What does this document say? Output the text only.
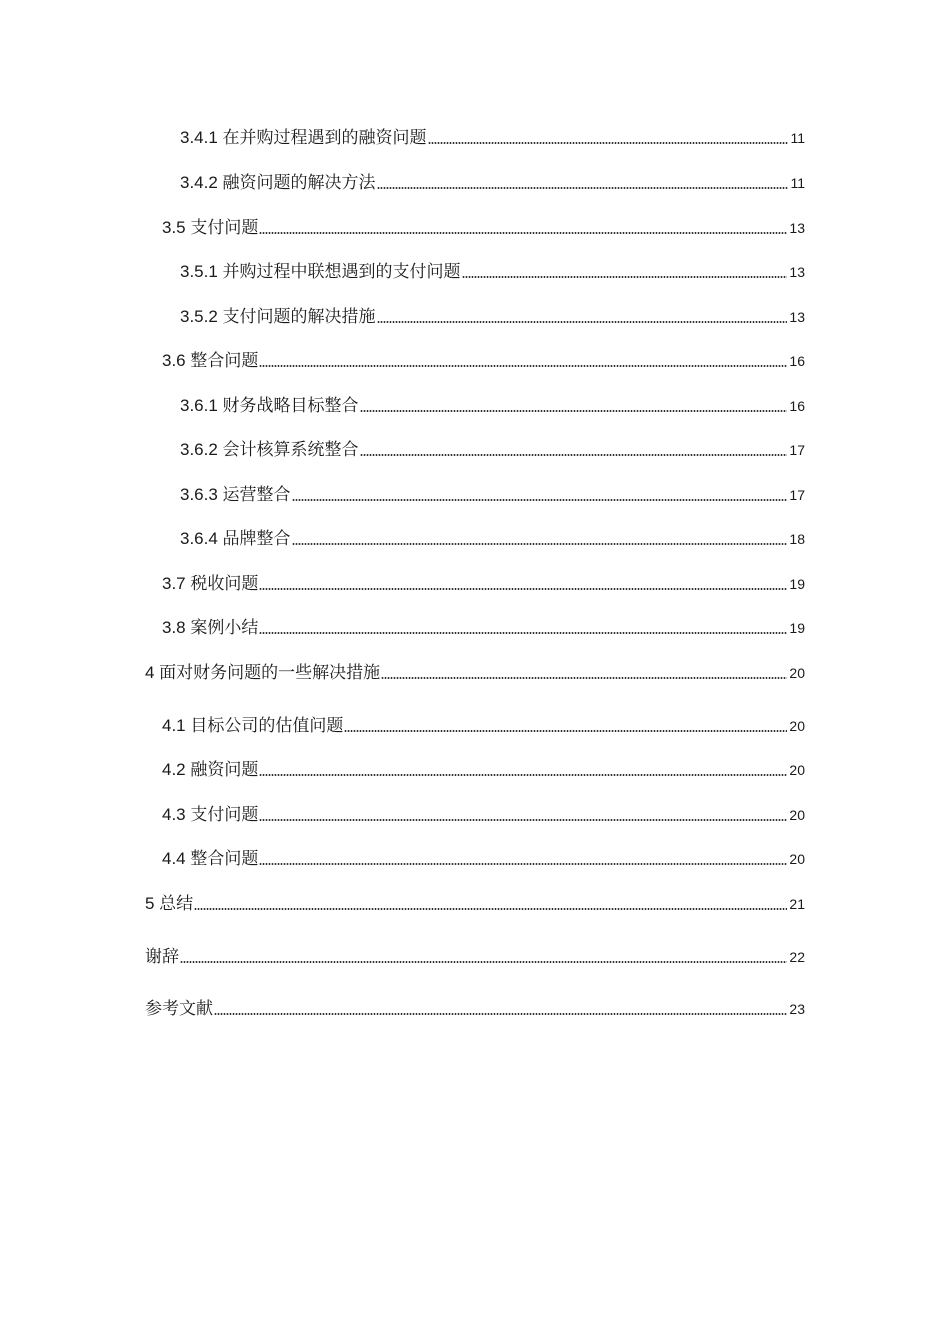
3.4.1 在并购过程遇到的融资问题	11
3.4.2 融资问题的解决方法	11
3.5 支付问题	13
3.5.1 并购过程中联想遇到的支付问题	13
3.5.2 支付问题的解决措施	13
3.6 整合问题	16
3.6.1 财务战略目标整合	16
3.6.2 会计核算系统整合	17
3.6.3 运营整合	17
3.6.4 品牌整合	18
3.7 税收问题	19
3.8 案例小结	19
4 面对财务问题的一些解决措施	20
4.1 目标公司的估值问题	20
4.2 融资问题	20
4.3 支付问题	20
4.4 整合问题	20
5 总结	21
谢辞	22
参考文献	23
